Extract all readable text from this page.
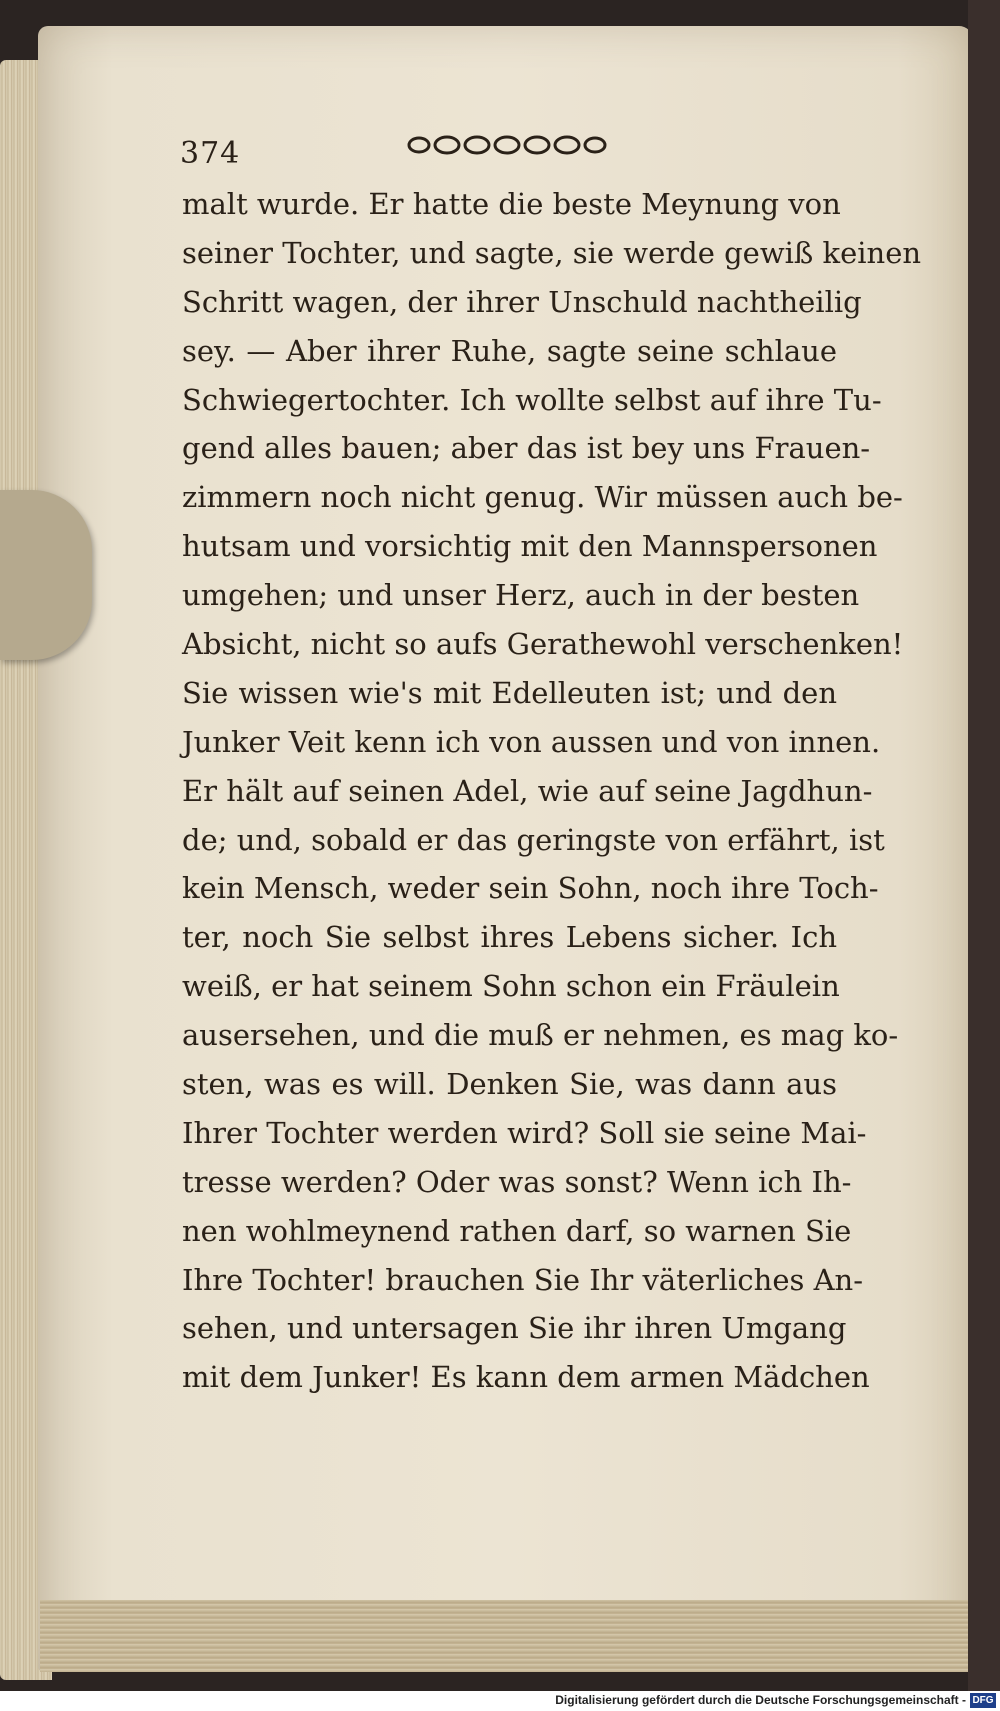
374
malt wurde. Er hatte die beste Meynung von
seiner Tochter, und sagte, sie werde gewiß keinen
Schritt wagen, der ihrer Unschuld nachtheilig
sey. — Aber ihrer Ruhe, sagte seine schlaue
Schwiegertochter. Ich wollte selbst auf ihre Tu-
gend alles bauen; aber das ist bey uns Frauen-
zimmern noch nicht genug. Wir müssen auch be-
hutsam und vorsichtig mit den Mannspersonen
umgehen; und unser Herz, auch in der besten
Absicht, nicht so aufs Gerathewohl verschenken!
Sie wissen wie's mit Edelleuten ist; und den
Junker Veit kenn ich von aussen und von innen.
Er hält auf seinen Adel, wie auf seine Jagdhun-
de; und, sobald er das geringste von erfährt, ist
kein Mensch, weder sein Sohn, noch ihre Toch-
ter, noch Sie selbst ihres Lebens sicher. Ich
weiß, er hat seinem Sohn schon ein Fräulein
ausersehen, und die muß er nehmen, es mag ko-
sten, was es will. Denken Sie, was dann aus
Ihrer Tochter werden wird? Soll sie seine Mai-
tresse werden? Oder was sonst? Wenn ich Ih-
nen wohlmeynend rathen darf, so warnen Sie
Ihre Tochter! brauchen Sie Ihr väterliches An-
sehen, und untersagen Sie ihr ihren Umgang
mit dem Junker! Es kann dem armen Mädchen
Digitalisierung gefördert durch die Deutsche Forschungsgemeinschaft - DFG
